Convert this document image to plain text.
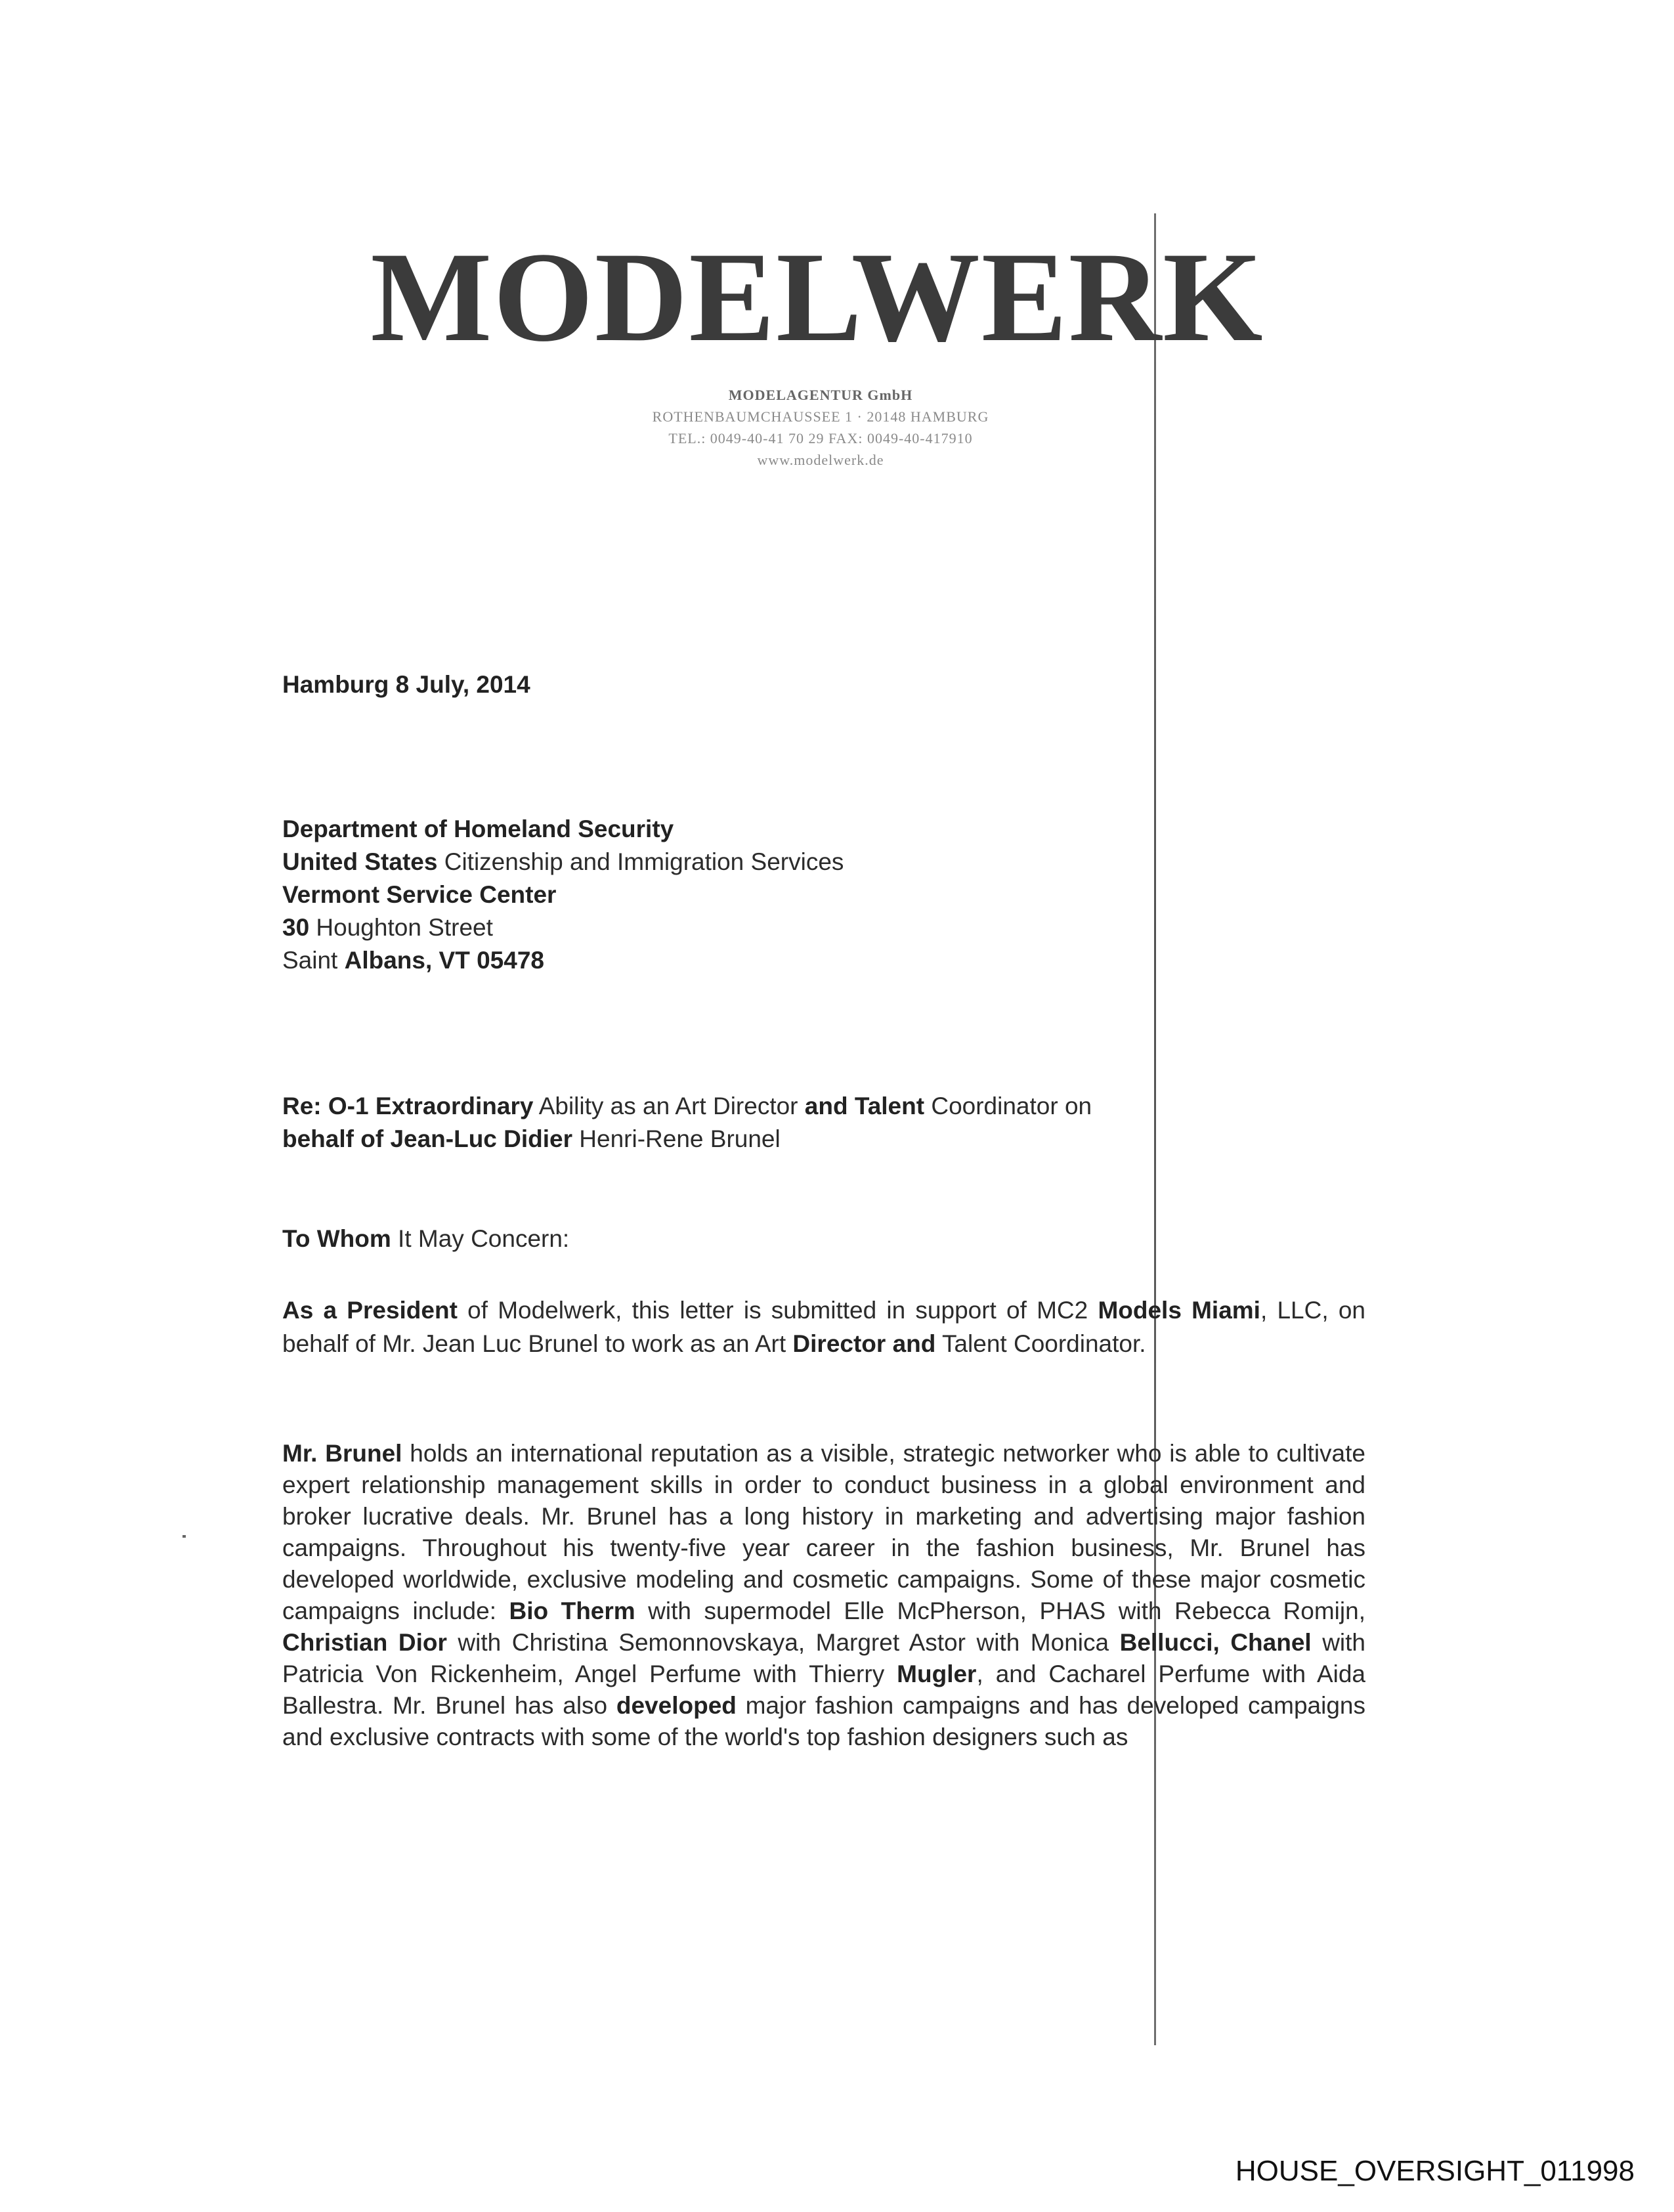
MODELWERK
MODELAGENTUR GmbH
ROTHENBAUMCHAUSSEE 1 · 20148 HAMBURG
TEL.: 0049-40-41 70 29 FAX: 0049-40-417910
www.modelwerk.de
Hamburg 8 July, 2014
Department of Homeland Security
United States Citizenship and Immigration Services
Vermont Service Center
30 Houghton Street
Saint Albans, VT 05478
Re: O-1 Extraordinary Ability as an Art Director and Talent Coordinator on
behalf of Jean-Luc Didier Henri-Rene Brunel
To Whom It May Concern:
As a President of Modelwerk, this letter is submitted in support of MC2 Models Miami, LLC, on behalf of Mr. Jean Luc Brunel to work as an Art Director and Talent Coordinator.
Mr. Brunel holds an international reputation as a visible, strategic networker who is able to cultivate expert relationship management skills in order to conduct business in a global environment and broker lucrative deals. Mr. Brunel has a long history in marketing and advertising major fashion campaigns. Throughout his twenty-five year career in the fashion business, Mr. Brunel has developed worldwide, exclusive modeling and cosmetic campaigns. Some of these major cosmetic campaigns include: Bio Therm with supermodel Elle McPherson, PHAS with Rebecca Romijn, Christian Dior with Christina Semonnovskaya, Margret Astor with Monica Bellucci, Chanel with Patricia Von Rickenheim, Angel Perfume with Thierry Mugler, and Cacharel Perfume with Aida Ballestra. Mr. Brunel has also developed major fashion campaigns and has developed campaigns and exclusive contracts with some of the world's top fashion designers such as
HOUSE_OVERSIGHT_011998
